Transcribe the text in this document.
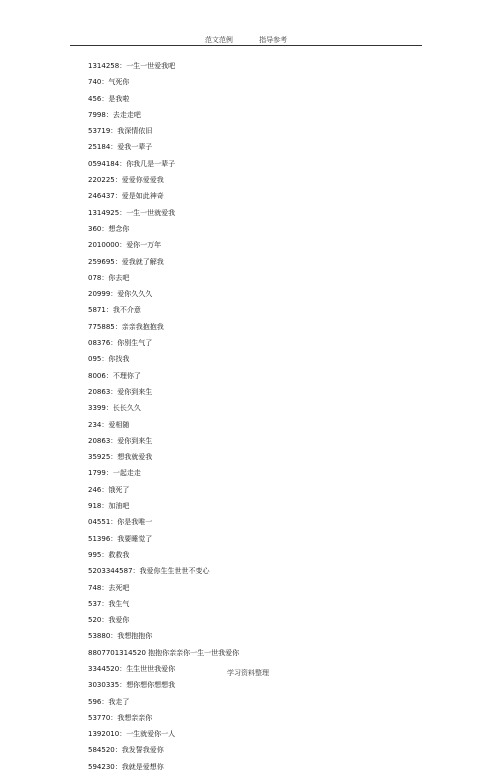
范文范例	指导参考
1314258：一生一世爱我吧
740：气死你
456：是我啦
7998：去走走吧
53719：我深情依旧
25184：爱我一辈子
0594184：你我几是一辈子
220225：爱爱你爱爱我
246437：爱是如此神奇
1314925：一生一世就爱我
360：想念你
2010000：爱你一万年
259695：爱我就了解我
078：你去吧
20999：爱你久久久
5871：我不介意
775885：亲亲我抱抱我
08376：你别生气了
095：你找我
8006：不理你了
20863：爱你到来生
3399：长长久久
234：爱相随
20863：爱你到来生
35925：想我就爱我
1799：一起走走
246：饿死了
918：加油吧
04551：你是我唯一
51396：我要睡觉了
995：救救我
5203344587：我爱你生生世世不变心
748：去死吧
537：我生气
520：我爱你
53880：我想抱抱你
8807701314520 抱抱你亲亲你一生一世我爱你
3344520：生生世世我爱你
3030335：想你想你想想我
596：我走了
53770：我想亲亲你
1392010：一生就爱你一人
584520：我发誓我爱你
594230：我就是爱想你
学习资料整理
